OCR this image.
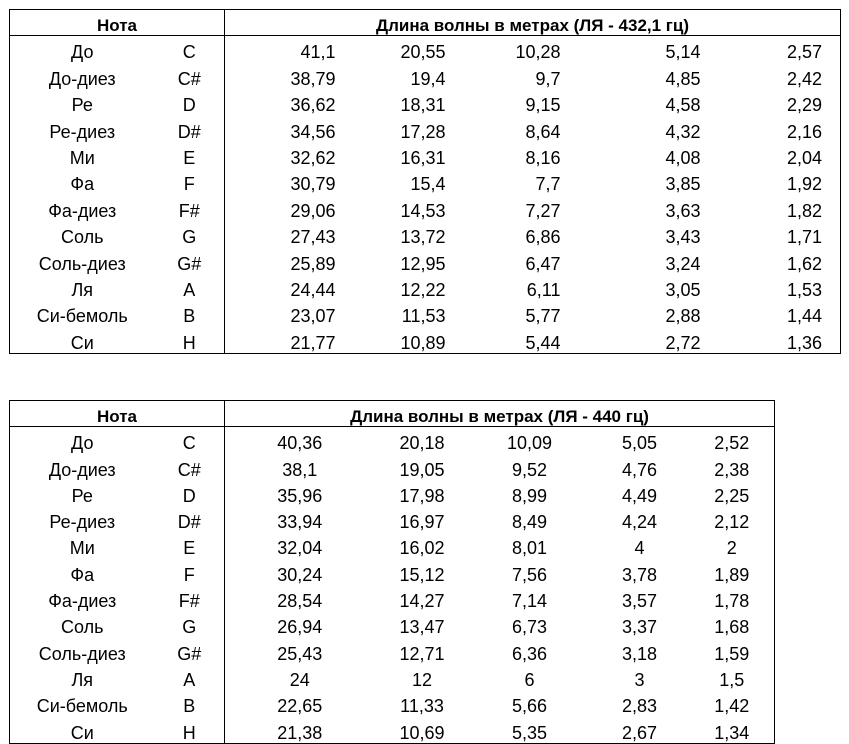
Нота		Длина волны в метрах (ЛЯ - 432,1 гц)				
До	C	41,1	20,55	10,28	5,14	2,57
До-диез	C#	38,79	19,4	9,7	4,85	2,42
Ре	D	36,62	18,31	9,15	4,58	2,29
Ре-диез	D#	34,56	17,28	8,64	4,32	2,16
Ми	E	32,62	16,31	8,16	4,08	2,04
Фа	F	30,79	15,4	7,7	3,85	1,92
Фа-диез	F#	29,06	14,53	7,27	3,63	1,82
Соль	G	27,43	13,72	6,86	3,43	1,71
Соль-диез	G#	25,89	12,95	6,47	3,24	1,62
Ля	A	24,44	12,22	6,11	3,05	1,53
Си-бемоль	B	23,07	11,53	5,77	2,88	1,44
Си	H	21,77	10,89	5,44	2,72	1,36
Нота		Длина волны в метрах (ЛЯ - 440 гц)				
До	C	40,36	20,18	10,09	5,05	2,52
До-диез	C#	38,1	19,05	9,52	4,76	2,38
Ре	D	35,96	17,98	8,99	4,49	2,25
Ре-диез	D#	33,94	16,97	8,49	4,24	2,12
Ми	E	32,04	16,02	8,01	4	2
Фа	F	30,24	15,12	7,56	3,78	1,89
Фа-диез	F#	28,54	14,27	7,14	3,57	1,78
Соль	G	26,94	13,47	6,73	3,37	1,68
Соль-диез	G#	25,43	12,71	6,36	3,18	1,59
Ля	A	24	12	6	3	1,5
Си-бемоль	B	22,65	11,33	5,66	2,83	1,42
Си	H	21,38	10,69	5,35	2,67	1,34
